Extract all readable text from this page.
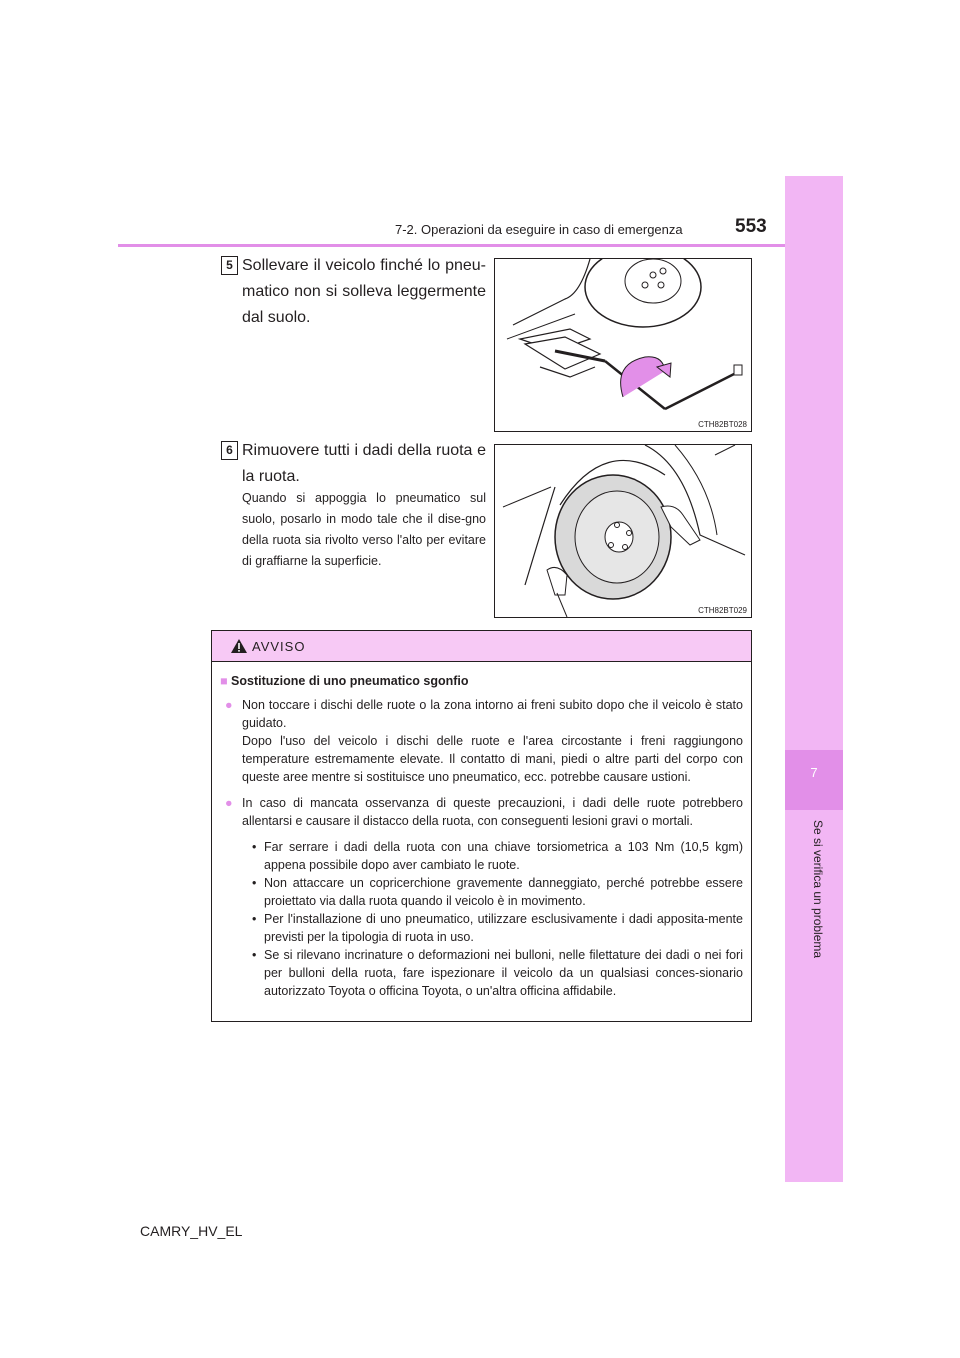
7
Se si verifica un problema
7-2. Operazioni da eseguire in caso di emergenza	553
5 Sollevare il veicolo finché lo pneu-matico non si solleva leggermente dal suolo.
CTH82BT028
6 Rimuovere tutti i dadi della ruota e la ruota.
Quando si appoggia lo pneumatico sul suolo, posarlo in modo tale che il dise-gno della ruota sia rivolto verso l'alto per evitare di graffiarne la superficie.
CTH82BT029
AVVISO
■ Sostituzione di uno pneumatico sgonfio
● Non toccare i dischi delle ruote o la zona intorno ai freni subito dopo che il veicolo è stato guidato.
Dopo l'uso del veicolo i dischi delle ruote e l'area circostante i freni raggiungono temperature estremamente elevate. Il contatto di mani, piedi o altre parti del corpo con queste aree mentre si sostituisce uno pneumatico, ecc. potrebbe causare ustioni.
● In caso di mancata osservanza di queste precauzioni, i dadi delle ruote potrebbero allentarsi e causare il distacco della ruota, con conseguenti lesioni gravi o mortali.
• Far serrare i dadi della ruota con una chiave torsiometrica a 103 Nm (10,5 kgm) appena possibile dopo aver cambiato le ruote.
• Non attaccare un copricerchione gravemente danneggiato, perché potrebbe essere proiettato via dalla ruota quando il veicolo è in movimento.
• Per l'installazione di uno pneumatico, utilizzare esclusivamente i dadi apposita-mente previsti per la tipologia di ruota in uso.
• Se si rilevano incrinature o deformazioni nei bulloni, nelle filettature dei dadi o nei fori per bulloni della ruota, fare ispezionare il veicolo da un qualsiasi conces-sionario autorizzato Toyota o officina Toyota, o un'altra officina affidabile.
CAMRY_HV_EL
